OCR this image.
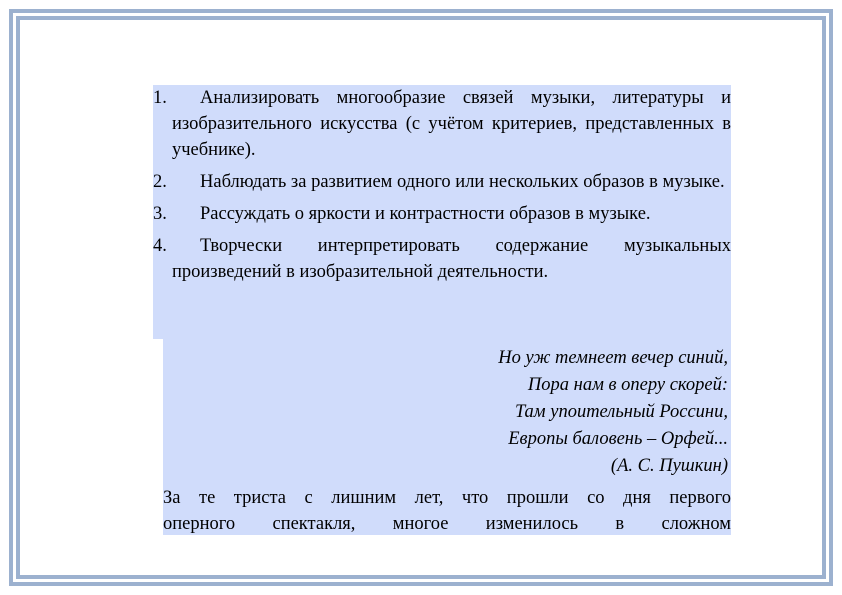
1.	Анализировать многообразие связей музыки, литературы и изобразительного искусства (с учётом критериев, представленных в учебнике).
2.	Наблюдать за развитием одного или нескольких образов в музыке.
3.	Рассуждать о яркости и контрастности образов в музыке.
4.	Творчески интерпретировать содержание музыкальных произведений в изобразительной деятельности.
Но уж темнеет вечер синий,
Пора нам в оперу скорей:
Там упоительный Россини,
Европы баловень – Орфей...
(А. С. Пушкин)
За те триста с лишним лет, что прошли со дня первого
оперного спектакля, многое изменилось в сложном
